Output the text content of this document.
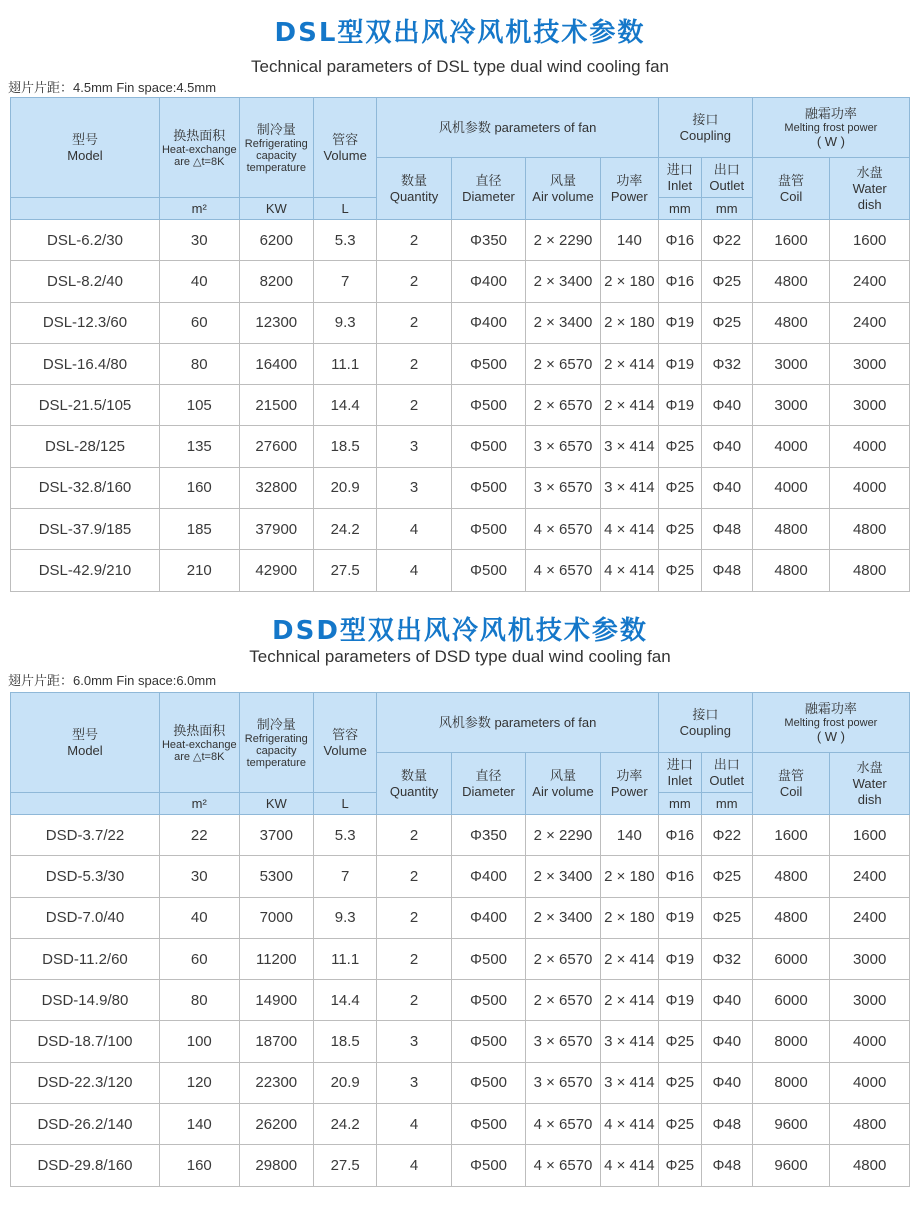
DSL型双出风冷风机技术参数
Technical parameters of DSL type dual wind cooling fan
翅片片距：4.5mm Fin space:4.5mm
型号
Model	换热面积
Heat-exchange
are △t=8K	制冷量
Refrigerating
capacity
temperature	管容
Volume	风机参数 parameters of fan				接口
Coupling		融霜功率
Melting frost power
( W )	

				数量
Quantity	直径
Diameter	风量
Air volume	功率
Power	进口
Inlet	出口
Outlet	盘管
Coil	水盘
Water
dish

	m²	KW	L					mm	mm		

DSL-6.2/30	30	6200	5.3	2	Φ350	2 × 2290	140	Φ16	Φ22	1600	1600
DSL-8.2/40	40	8200	7	2	Φ400	2 × 3400	2 × 180	Φ16	Φ25	4800	2400
DSL-12.3/60	60	12300	9.3	2	Φ400	2 × 3400	2 × 180	Φ19	Φ25	4800	2400
DSL-16.4/80	80	16400	11.1	2	Φ500	2 × 6570	2 × 414	Φ19	Φ32	3000	3000
DSL-21.5/105	105	21500	14.4	2	Φ500	2 × 6570	2 × 414	Φ19	Φ40	3000	3000
DSL-28/125	135	27600	18.5	3	Φ500	3 × 6570	3 × 414	Φ25	Φ40	4000	4000
DSL-32.8/160	160	32800	20.9	3	Φ500	3 × 6570	3 × 414	Φ25	Φ40	4000	4000
DSL-37.9/185	185	37900	24.2	4	Φ500	4 × 6570	4 × 414	Φ25	Φ48	4800	4800
DSL-42.9/210	210	42900	27.5	4	Φ500	4 × 6570	4 × 414	Φ25	Φ48	4800	4800
DSD型双出风冷风机技术参数
Technical parameters of DSD type dual wind cooling fan
翅片片距：6.0mm Fin space:6.0mm
型号
Model	换热面积
Heat-exchange
are △t=8K	制冷量
Refrigerating
capacity
temperature	管容
Volume	风机参数 parameters of fan				接口
Coupling		融霜功率
Melting frost power
( W )	

				数量
Quantity	直径
Diameter	风量
Air volume	功率
Power	进口
Inlet	出口
Outlet	盘管
Coil	水盘
Water
dish

	m²	KW	L					mm	mm		

DSD-3.7/22	22	3700	5.3	2	Φ350	2 × 2290	140	Φ16	Φ22	1600	1600
DSD-5.3/30	30	5300	7	2	Φ400	2 × 3400	2 × 180	Φ16	Φ25	4800	2400
DSD-7.0/40	40	7000	9.3	2	Φ400	2 × 3400	2 × 180	Φ19	Φ25	4800	2400
DSD-11.2/60	60	11200	11.1	2	Φ500	2 × 6570	2 × 414	Φ19	Φ32	6000	3000
DSD-14.9/80	80	14900	14.4	2	Φ500	2 × 6570	2 × 414	Φ19	Φ40	6000	3000
DSD-18.7/100	100	18700	18.5	3	Φ500	3 × 6570	3 × 414	Φ25	Φ40	8000	4000
DSD-22.3/120	120	22300	20.9	3	Φ500	3 × 6570	3 × 414	Φ25	Φ40	8000	4000
DSD-26.2/140	140	26200	24.2	4	Φ500	4 × 6570	4 × 414	Φ25	Φ48	9600	4800
DSD-29.8/160	160	29800	27.5	4	Φ500	4 × 6570	4 × 414	Φ25	Φ48	9600	4800
